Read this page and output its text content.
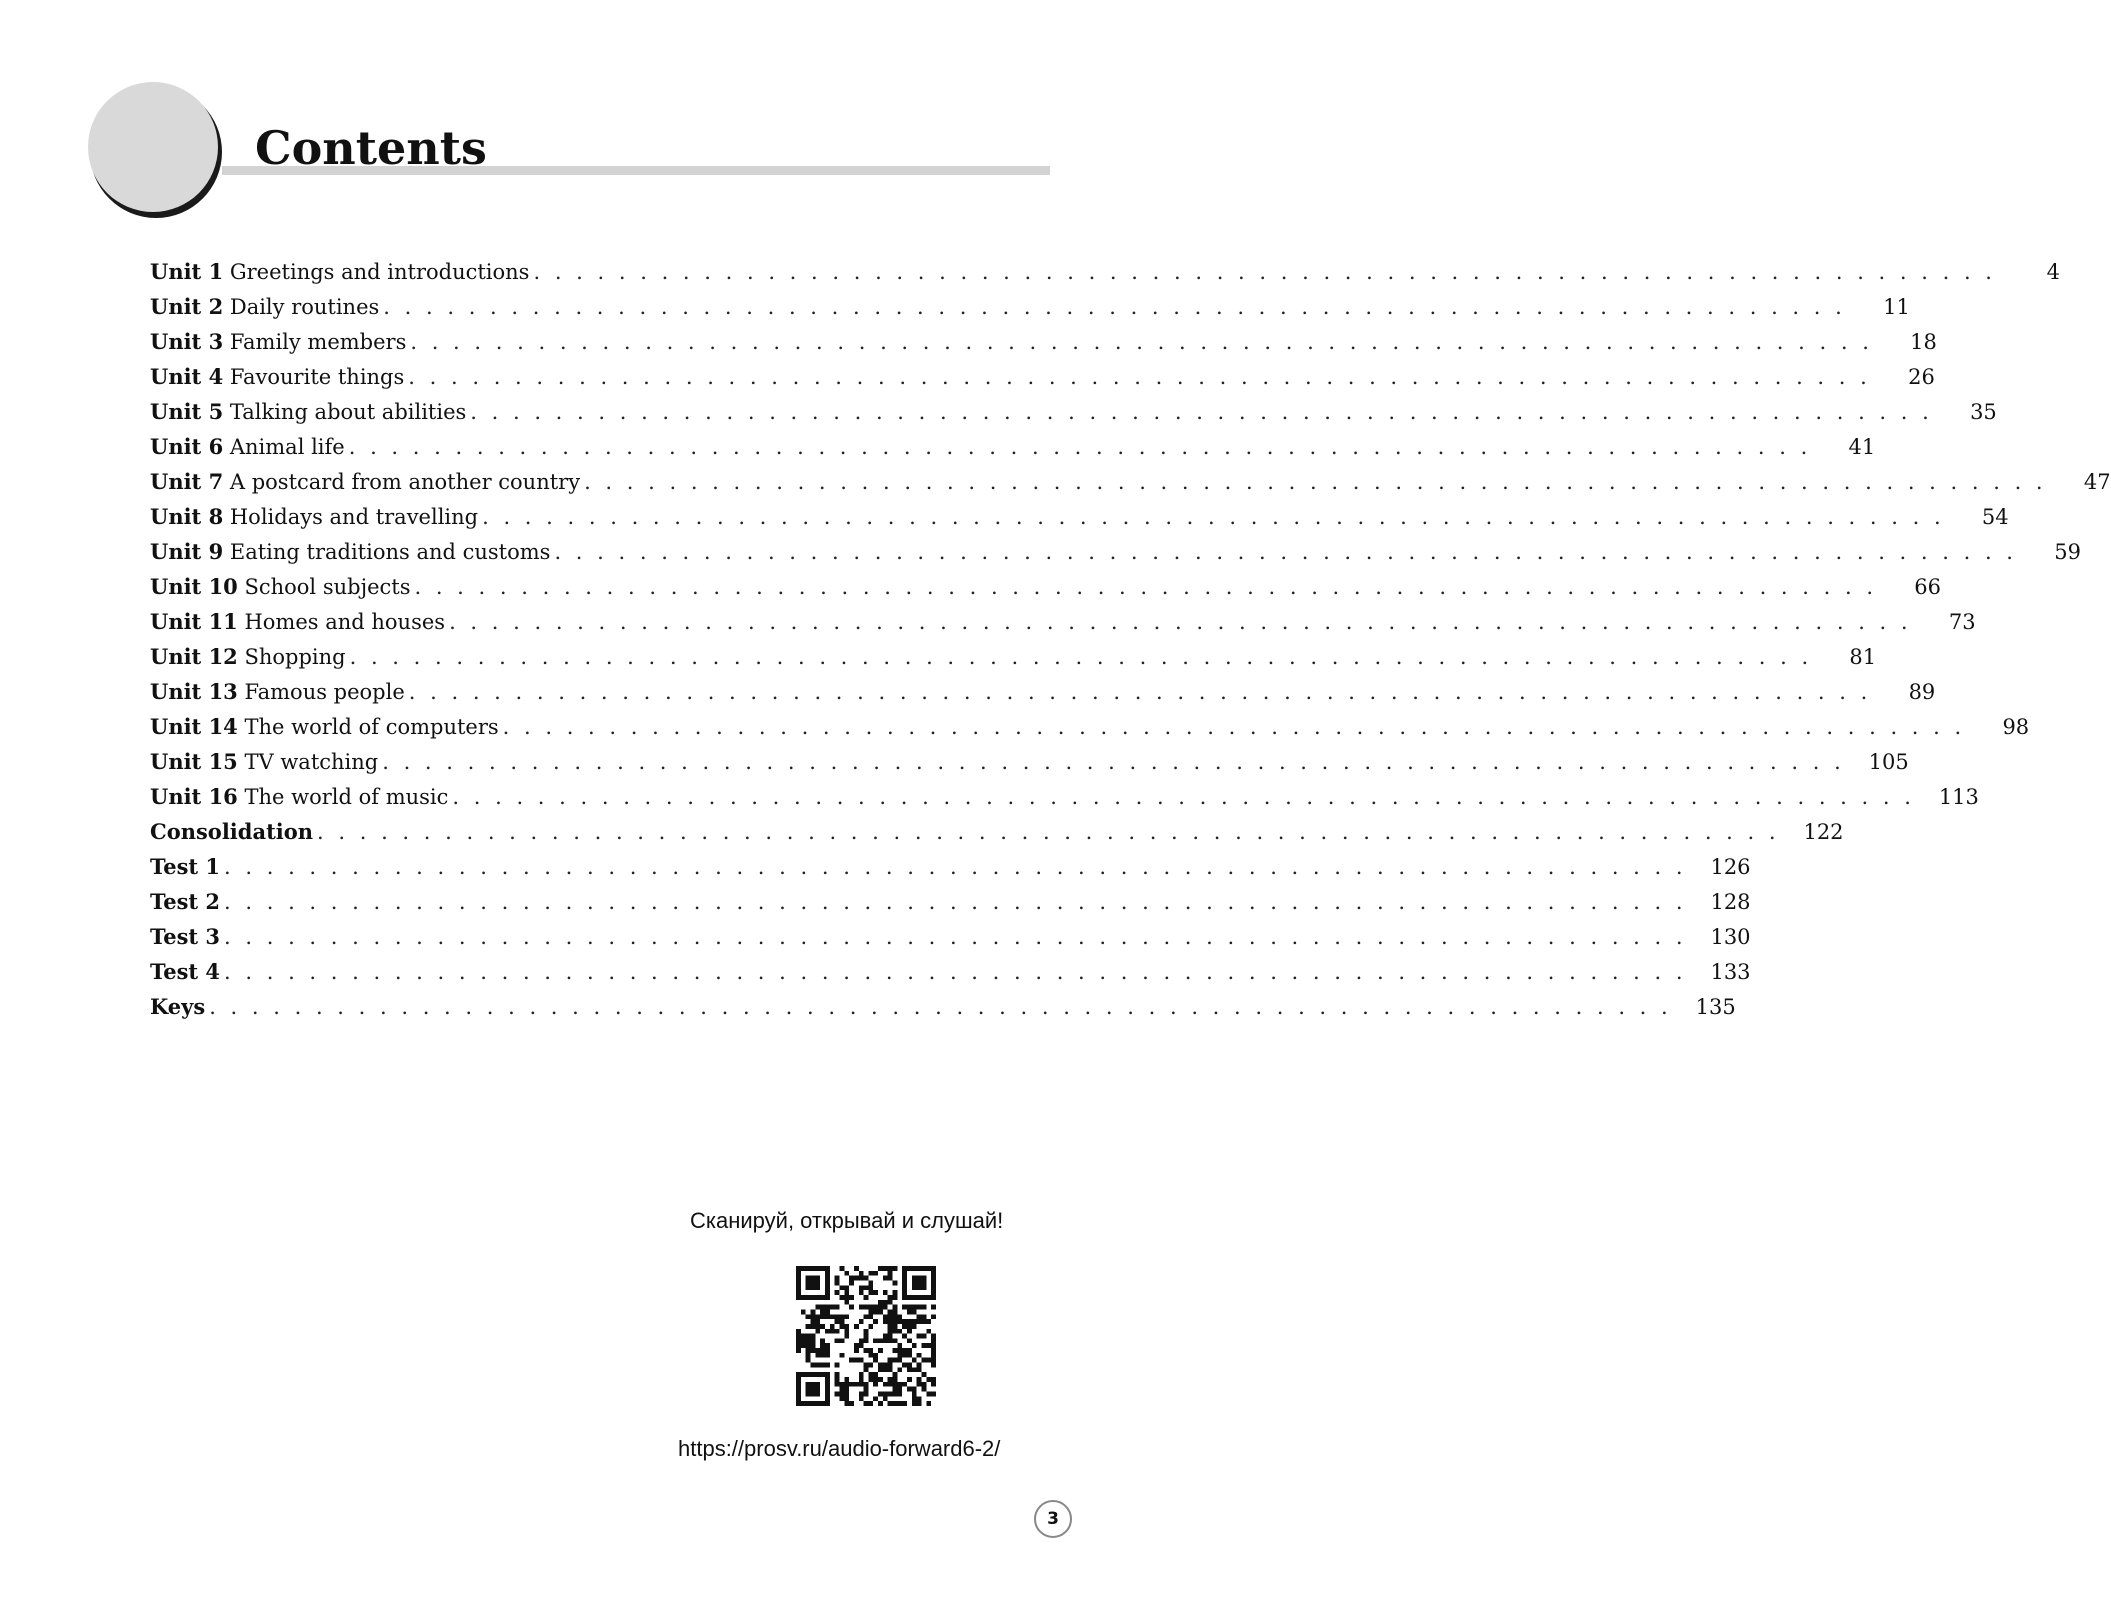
Contents
Unit 1 Greetings and introductions . . . . . . . . . . . . . . . . . . . . . . . . . . . . . . . . . . . . . . . . . . . . . . . . . . . . . . . . . . . . . . . . . . . . .	4
Unit 2 Daily routines . . . . . . . . . . . . . . . . . . . . . . . . . . . . . . . . . . . . . . . . . . . . . . . . . . . . . . . . . . . . . . . . . . . . .	11
Unit 3 Family members . . . . . . . . . . . . . . . . . . . . . . . . . . . . . . . . . . . . . . . . . . . . . . . . . . . . . . . . . . . . . . . . . . . . .	18
Unit 4 Favourite things . . . . . . . . . . . . . . . . . . . . . . . . . . . . . . . . . . . . . . . . . . . . . . . . . . . . . . . . . . . . . . . . . . . . .	26
Unit 5 Talking about abilities . . . . . . . . . . . . . . . . . . . . . . . . . . . . . . . . . . . . . . . . . . . . . . . . . . . . . . . . . . . . . . . . . . . . .	35
Unit 6 Animal life . . . . . . . . . . . . . . . . . . . . . . . . . . . . . . . . . . . . . . . . . . . . . . . . . . . . . . . . . . . . . . . . . . . . .	41
Unit 7 A postcard from another country . . . . . . . . . . . . . . . . . . . . . . . . . . . . . . . . . . . . . . . . . . . . . . . . . . . . . . . . . . . . . . . . . . . . .	47
Unit 8 Holidays and travelling . . . . . . . . . . . . . . . . . . . . . . . . . . . . . . . . . . . . . . . . . . . . . . . . . . . . . . . . . . . . . . . . . . . . .	54
Unit 9 Eating traditions and customs . . . . . . . . . . . . . . . . . . . . . . . . . . . . . . . . . . . . . . . . . . . . . . . . . . . . . . . . . . . . . . . . . . . . .	59
Unit 10 School subjects . . . . . . . . . . . . . . . . . . . . . . . . . . . . . . . . . . . . . . . . . . . . . . . . . . . . . . . . . . . . . . . . . . . . .	66
Unit 11 Homes and houses . . . . . . . . . . . . . . . . . . . . . . . . . . . . . . . . . . . . . . . . . . . . . . . . . . . . . . . . . . . . . . . . . . . . .	73
Unit 12 Shopping . . . . . . . . . . . . . . . . . . . . . . . . . . . . . . . . . . . . . . . . . . . . . . . . . . . . . . . . . . . . . . . . . . . . .	81
Unit 13 Famous people . . . . . . . . . . . . . . . . . . . . . . . . . . . . . . . . . . . . . . . . . . . . . . . . . . . . . . . . . . . . . . . . . . . . .	89
Unit 14 The world of computers . . . . . . . . . . . . . . . . . . . . . . . . . . . . . . . . . . . . . . . . . . . . . . . . . . . . . . . . . . . . . . . . . . . . .	98
Unit 15 TV watching . . . . . . . . . . . . . . . . . . . . . . . . . . . . . . . . . . . . . . . . . . . . . . . . . . . . . . . . . . . . . . . . . . . . .	105
Unit 16 The world of music . . . . . . . . . . . . . . . . . . . . . . . . . . . . . . . . . . . . . . . . . . . . . . . . . . . . . . . . . . . . . . . . . . . . .	113
Consolidation . . . . . . . . . . . . . . . . . . . . . . . . . . . . . . . . . . . . . . . . . . . . . . . . . . . . . . . . . . . . . . . . . . . . .	122
Test 1 . . . . . . . . . . . . . . . . . . . . . . . . . . . . . . . . . . . . . . . . . . . . . . . . . . . . . . . . . . . . . . . . . . . . .	126
Test 2 . . . . . . . . . . . . . . . . . . . . . . . . . . . . . . . . . . . . . . . . . . . . . . . . . . . . . . . . . . . . . . . . . . . . .	128
Test 3 . . . . . . . . . . . . . . . . . . . . . . . . . . . . . . . . . . . . . . . . . . . . . . . . . . . . . . . . . . . . . . . . . . . . .	130
Test 4 . . . . . . . . . . . . . . . . . . . . . . . . . . . . . . . . . . . . . . . . . . . . . . . . . . . . . . . . . . . . . . . . . . . . .	133
Keys . . . . . . . . . . . . . . . . . . . . . . . . . . . . . . . . . . . . . . . . . . . . . . . . . . . . . . . . . . . . . . . . . . . . .	135

Сканируй, открывай и слушай!

https://prosv.ru/audio-forward6-2/

3
